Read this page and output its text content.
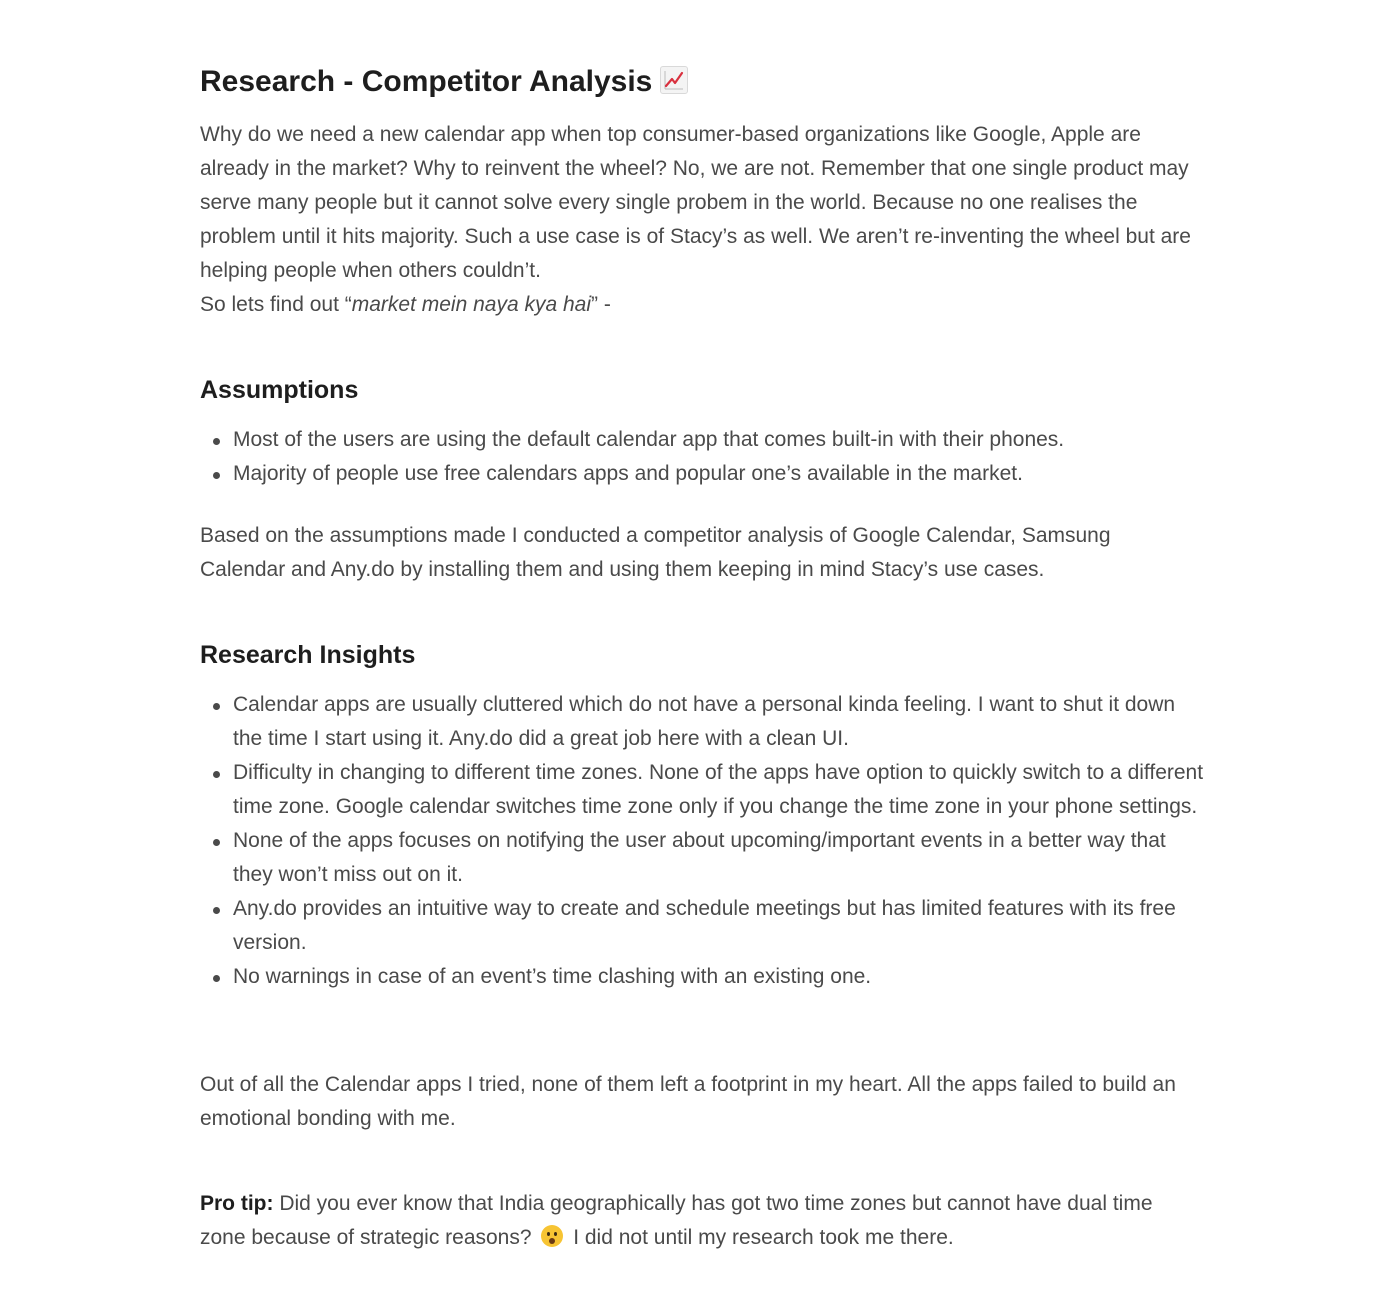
Research - Competitor Analysis

Why do we need a new calendar app when top consumer-based organizations like Google, Apple are already in the market? Why to reinvent the wheel? No, we are not. Remember that one single product may serve many people but it cannot solve every single probem in the world. Because no one realises the problem until it hits majority. Such a use case is of Stacy’s as well. We aren’t re-inventing the wheel but are helping people when others couldn’t.
So lets find out “market mein naya kya hai” -

Assumptions
Most of the users are using the default calendar app that comes built-in with their phones.
Majority of people use free calendars apps and popular one’s available in the market.

Based on the assumptions made I conducted a competitor analysis of Google Calendar, Samsung Calendar and Any.do by installing them and using them keeping in mind Stacy’s use cases.

Research Insights
Calendar apps are usually cluttered which do not have a personal kinda feeling. I want to shut it down the time I start using it. Any.do did a great job here with a clean UI.
Difficulty in changing to different time zones. None of the apps have option to quickly switch to a different time zone. Google calendar switches time zone only if you change the time zone in your phone settings.
None of the apps focuses on notifying the user about upcoming/important events in a better way that they won’t miss out on it.
Any.do provides an intuitive way to create and schedule meetings but has limited features with its free version.
No warnings in case of an event’s time clashing with an existing one.

Out of all the Calendar apps I tried, none of them left a footprint in my heart. All the apps failed to build an emotional bonding with me.

Pro tip: Did you ever know that India geographically has got two time zones but cannot have dual time zone because of strategic reasons?
I did not until my research took me there.
